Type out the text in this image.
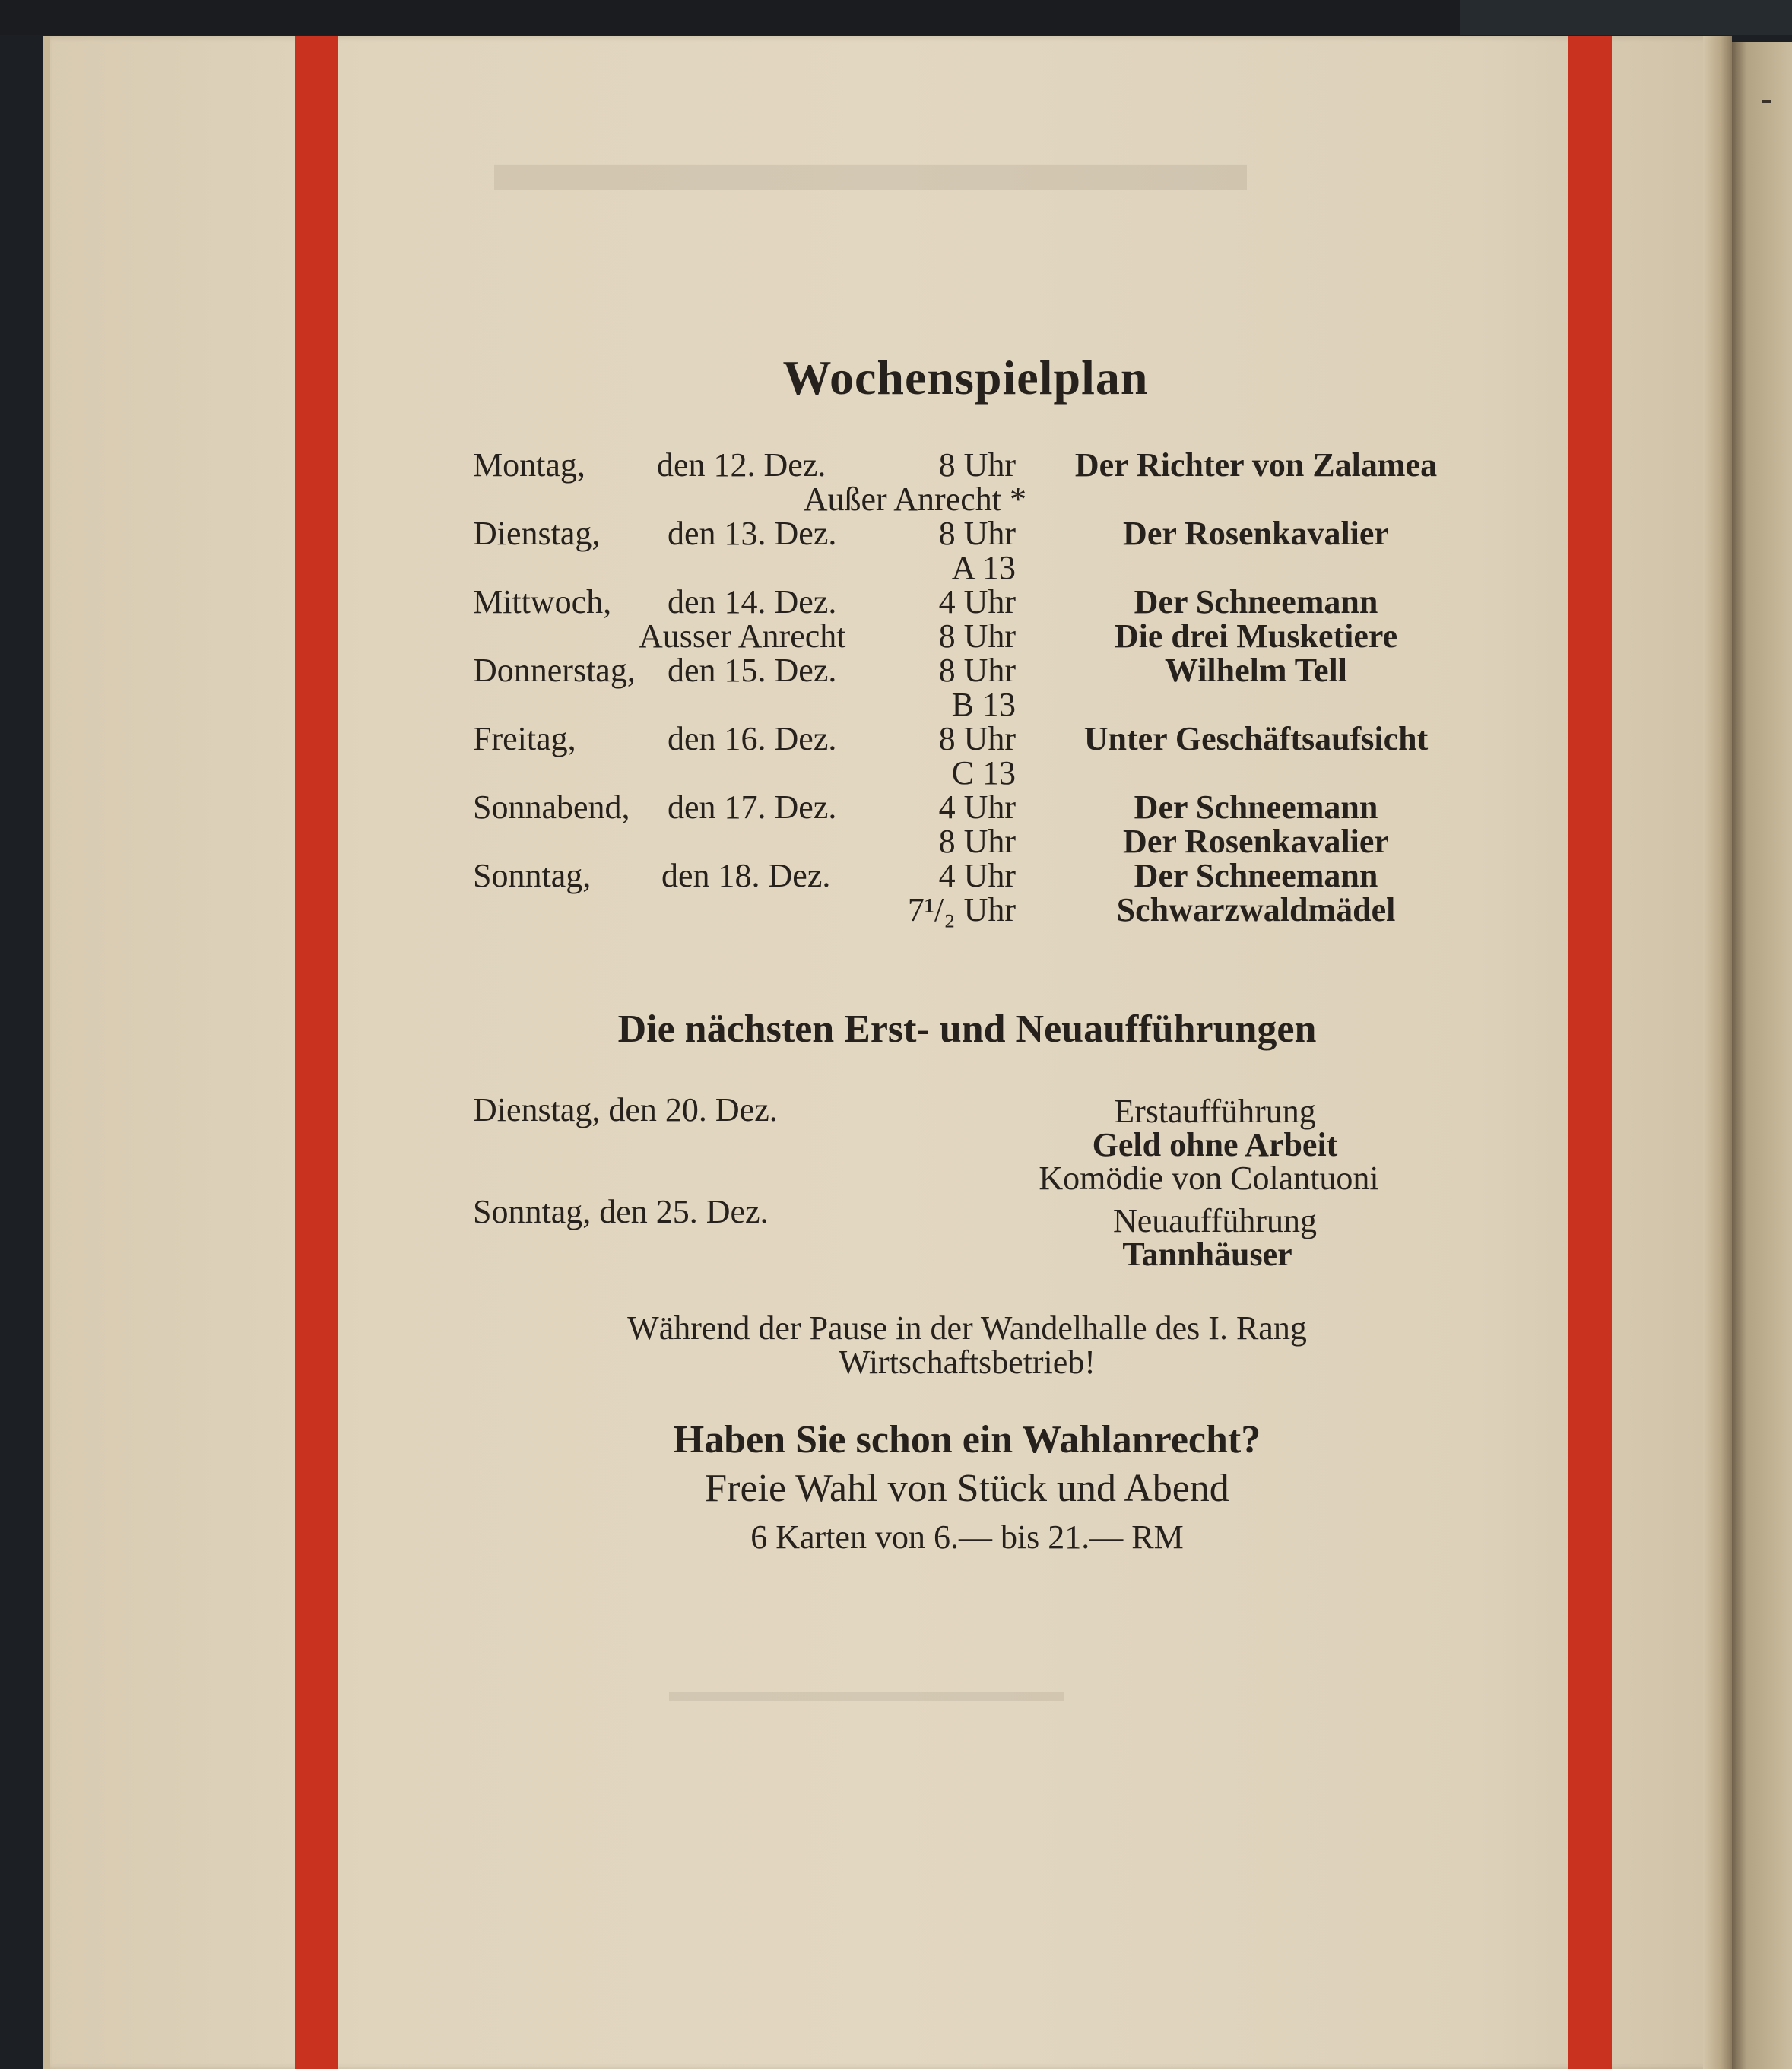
▬▬▬▬▬▬▬▬▬
▬▬▬▬▬▬▬▬▬▬▬▬▬
Wochenspielplan
Montag, den 12. Dez.	8 Uhr Der Richter von Zalamea
Außer Anrecht *
Dienstag, den 13. Dez.	8 Uhr	Der Rosenkavalier
A 13
Mittwoch, den 14. Dez.	4 Uhr	Der Schneemann
Ausser Anrecht	8 Uhr	Die drei Musketiere
Donnerstag, den 15. Dez.	8 Uhr	Wilhelm Tell
B 13
Freitag,	den 16. Dez.	8 Uhr Unter Geschäftsaufsicht
C 13
Sonnabend, den 17. Dez.	4 Uhr	Der Schneemann
8 Uhr	Der Rosenkavalier
Sonntag, den 18. Dez.	4 Uhr	Der Schneemann
7¹/₂ Uhr	Schwarzwaldmädel
Die nächsten Erst- und Neuaufführungen
Dienstag, den 20. Dez.	Erstaufführung
Geld ohne Arbeit
Komödie von Colantuoni
Sonntag, den 25. Dez.	Neuaufführung
Tannhäuser
Während der Pause in der Wandelhalle des I. Rang
Wirtschaftsbetrieb!
Haben Sie schon ein Wahlanrecht?
Freie Wahl von Stück und Abend
6 Karten von 6.— bis 21.— RM
